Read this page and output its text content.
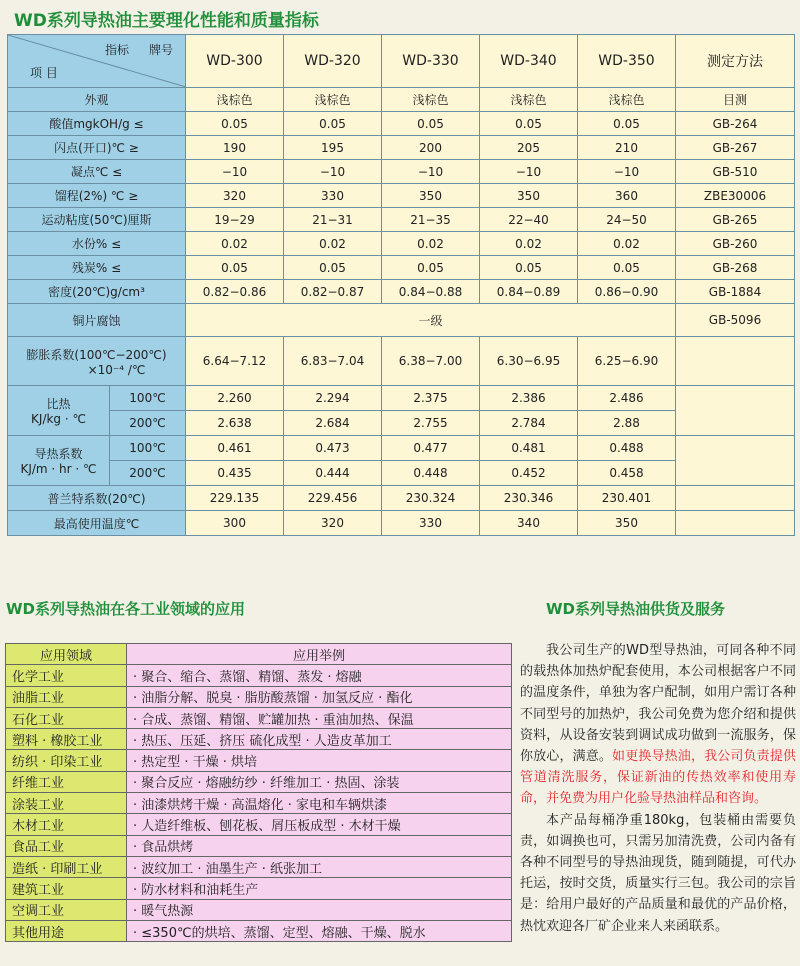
WD系列导热油主要理化性能和质量指标
指标 牌号
项 目		WD-300	WD-320	WD-330	WD-340	WD-350	测定方法
外观		浅棕色	浅棕色	浅棕色	浅棕色	浅棕色	目测
酸值mgkOH/g ≤		0.05	0.05	0.05	0.05	0.05	GB-264
闪点(开口)℃ ≥		190	195	200	205	210	GB-267
凝点℃ ≤		−10	−10	−10	−10	−10	GB-510
馏程(2%) ℃ ≥		320	330	350	350	360	ZBE30006
运动粘度(50℃)厘斯		19−29	21−31	21−35	22−40	24−50	GB-265
水份% ≤		0.02	0.02	0.02	0.02	0.02	GB-260
残炭% ≤		0.05	0.05	0.05	0.05	0.05	GB-268
密度(20℃)g/cm³		0.82−0.86	0.82−0.87	0.84−0.88	0.84−0.89	0.86−0.90	GB-1884
铜片腐蚀		一级					GB-5096

膨胀系数(100℃−200℃)
×10⁻⁴ /℃		6.64−7.12	6.83−7.04	6.38−7.00	6.30−6.95	6.25−6.90	

比热
KJ/kg · ℃	100℃	2.260	2.294	2.375	2.386	2.486	
	200℃	2.638	2.684	2.755	2.784	2.88	

导热系数
KJ/m · hr · ℃	100℃	0.461	0.473	0.477	0.481	0.488	
	200℃	0.435	0.444	0.448	0.452	0.458	
普兰特系数(20℃)		229.135	229.456	230.324	230.346	230.401	
最高使用温度℃		300	320	330	340	350	
WD系列导热油在各工业领域的应用	WD系列导热油供货及服务
应用领域	应用举例
化学工业	· 聚合、缩合、蒸馏、精馏、蒸发 · 熔融
油脂工业	· 油脂分解、脱臭 · 脂肪酸蒸馏 · 加氢反应 · 酯化
石化工业	· 合成、蒸馏、精馏、贮罐加热 · 重油加热、保温
塑料 · 橡胶工业	· 热压、压延、挤压 硫化成型 · 人造皮革加工
纺织 · 印染工业	· 热定型 · 干燥 · 烘培
纤维工业	· 聚合反应 · 熔融纺纱 · 纤维加工 · 热固、涂装
涂装工业	· 油漆烘烤干燥 · 高温熔化 · 家电和车辆烘漆
木材工业	· 人造纤维板、刨花板、屑压板成型 · 木材干燥
食品工业	· 食品烘烤
造纸 · 印刷工业	· 波纹加工 · 油墨生产 · 纸张加工
建筑工业	· 防水材料和油耗生产
空调工业	· 暖气热源
其他用途	· ≤350℃的烘培、蒸馏、定型、熔融、干燥、脱水

我公司生产的WD型导热油，可同各种不同的载热体加热炉配套使用，本公司根据客户不同的温度条件，单独为客户配制，如用户需订各种不同型号的加热炉，我公司免费为您介绍和提供资料，从设备安装到调试成功做到一流服务，保你放心，满意。如更换导热油，我公司负责提供管道清洗服务，保证新油的传热效率和使用寿命，并免费为用户化验导热油样品和咨询。

本产品每桶净重180kg，包装桶由需要负责，如调换也可，只需另加清洗费，公司内备有各种不同型号的导热油现货，随到随提，可代办托运，按时交货，质量实行三包。我公司的宗旨是：给用户最好的产品质量和最优的产品价格，热忱欢迎各厂矿企业来人来函联系。
